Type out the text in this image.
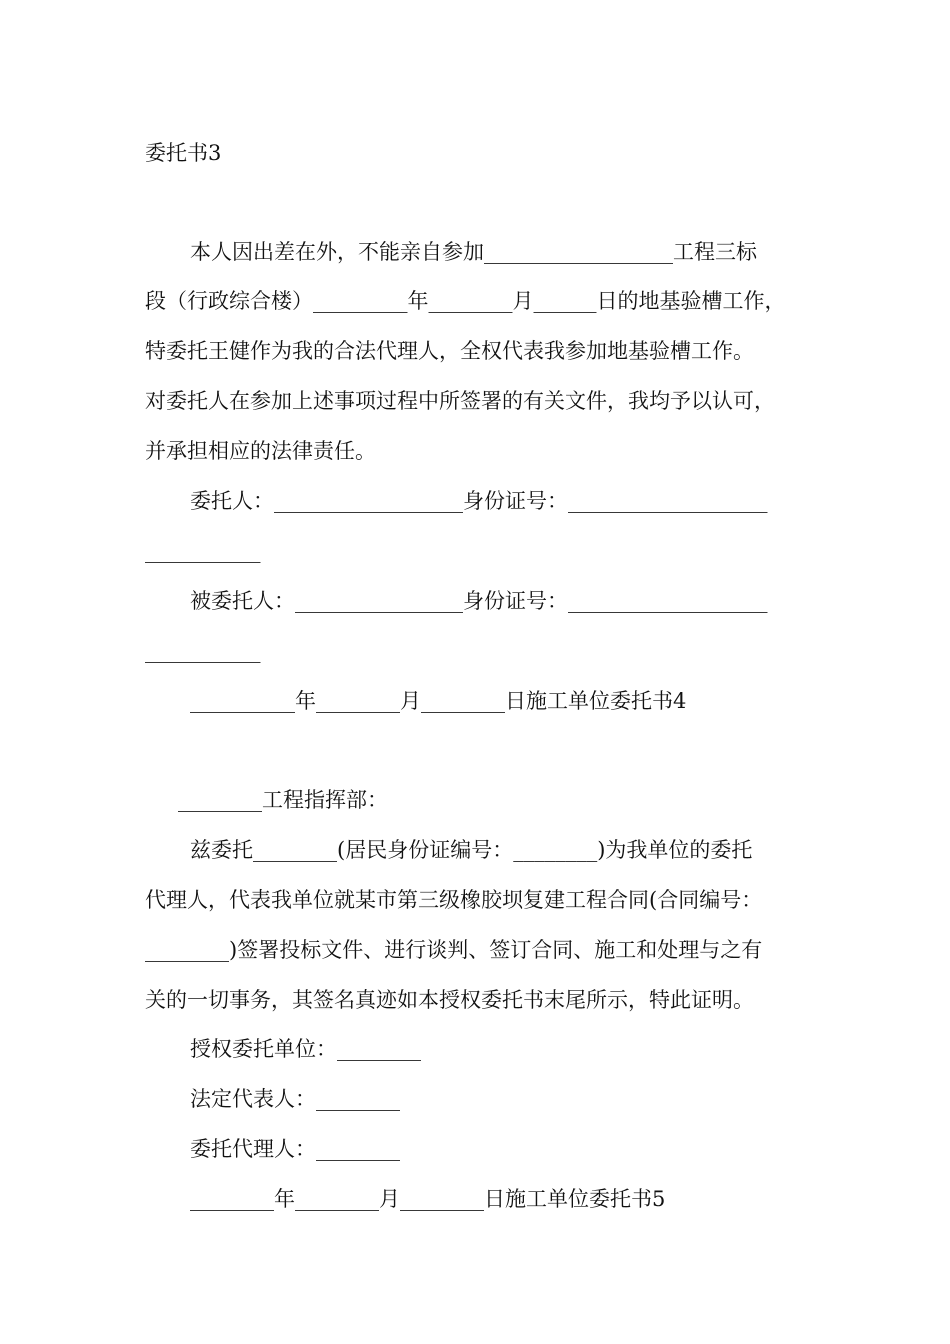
委托书3
本人因出差在外，不能亲自参加__________________工程三标
段（行政综合楼）_________年________月______日的地基验槽工作，
特委托王健作为我的合法代理人，全权代表我参加地基验槽工作。
对委托人在参加上述事项过程中所签署的有关文件，我均予以认可，
并承担相应的法律责任。
委托人：__________________身份证号：___________________
___________
被委托人：________________身份证号：___________________
___________
__________年________月________日施工单位委托书4
________工程指挥部：
兹委托________(居民身份证编号：________)为我单位的委托
代理人，代表我单位就某市第三级橡胶坝复建工程合同(合同编号：
________)签署投标文件、进行谈判、签订合同、施工和处理与之有
关的一切事务，其签名真迹如本授权委托书末尾所示，特此证明。
授权委托单位：________
法定代表人：________
委托代理人：________
________年________月________日施工单位委托书5
